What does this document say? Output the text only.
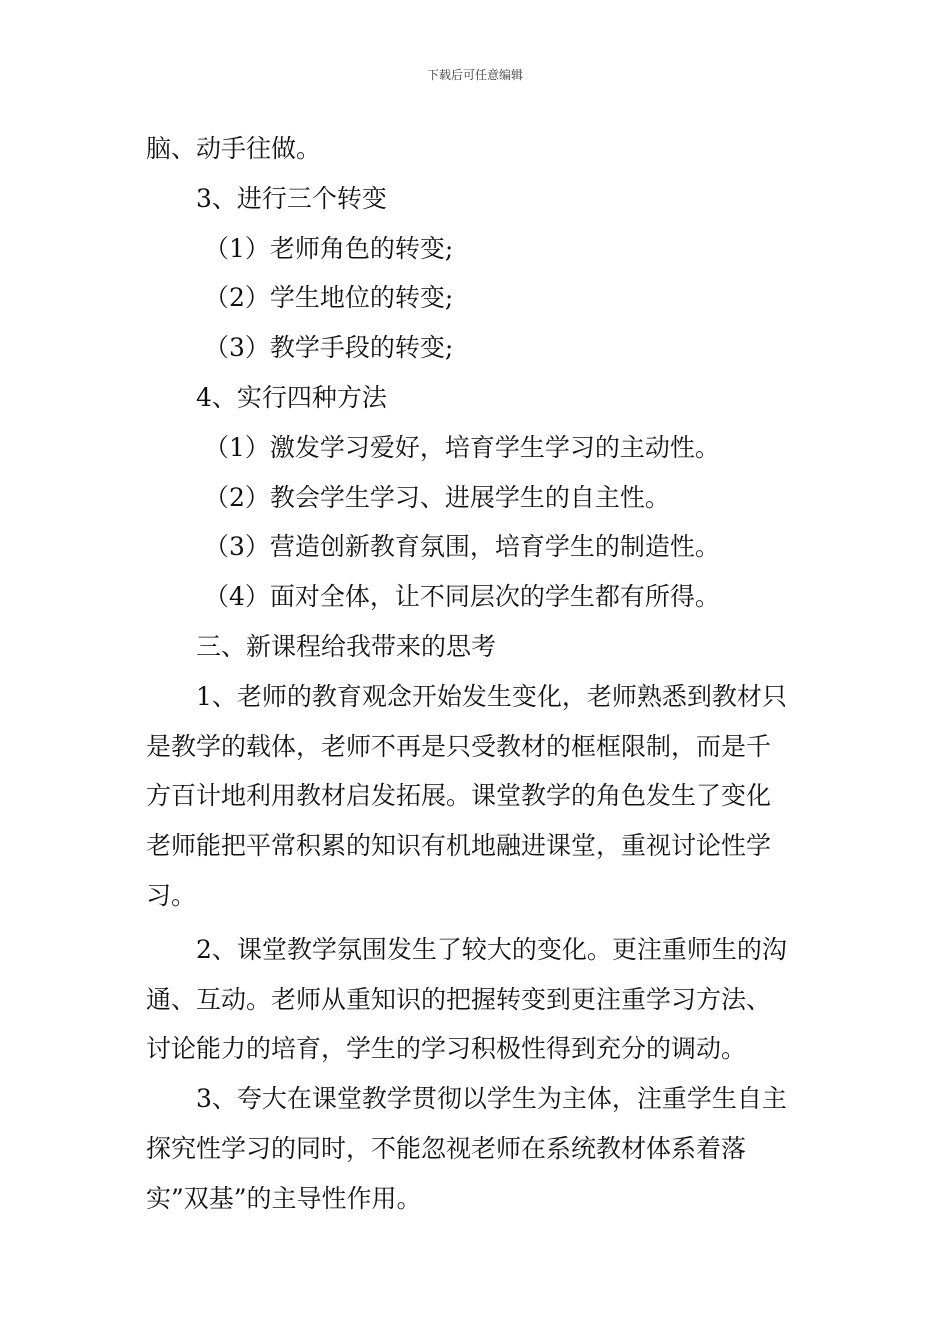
下载后可任意编辑
脑、动手往做。
3、进行三个转变
（1）老师角色的转变;
（2）学生地位的转变;
（3）教学手段的转变;
4、实行四种方法
（1）激发学习爱好，培育学生学习的主动性。
（2）教会学生学习、进展学生的自主性。
（3）营造创新教育氛围，培育学生的制造性。
（4）面对全体，让不同层次的学生都有所得。
三、新课程给我带来的思考
1、老师的教育观念开始发生变化，老师熟悉到教材只
是教学的载体，老师不再是只受教材的框框限制，而是千
方百计地利用教材启发拓展。课堂教学的角色发生了变化
老师能把平常积累的知识有机地融进课堂，重视讨论性学
习。
2、课堂教学氛围发生了较大的变化。更注重师生的沟
通、互动。老师从重知识的把握转变到更注重学习方法、
讨论能力的培育，学生的学习积极性得到充分的调动。
3、夸大在课堂教学贯彻以学生为主体，注重学生自主
探究性学习的同时，不能忽视老师在系统教材体系着落
实”双基”的主导性作用。
